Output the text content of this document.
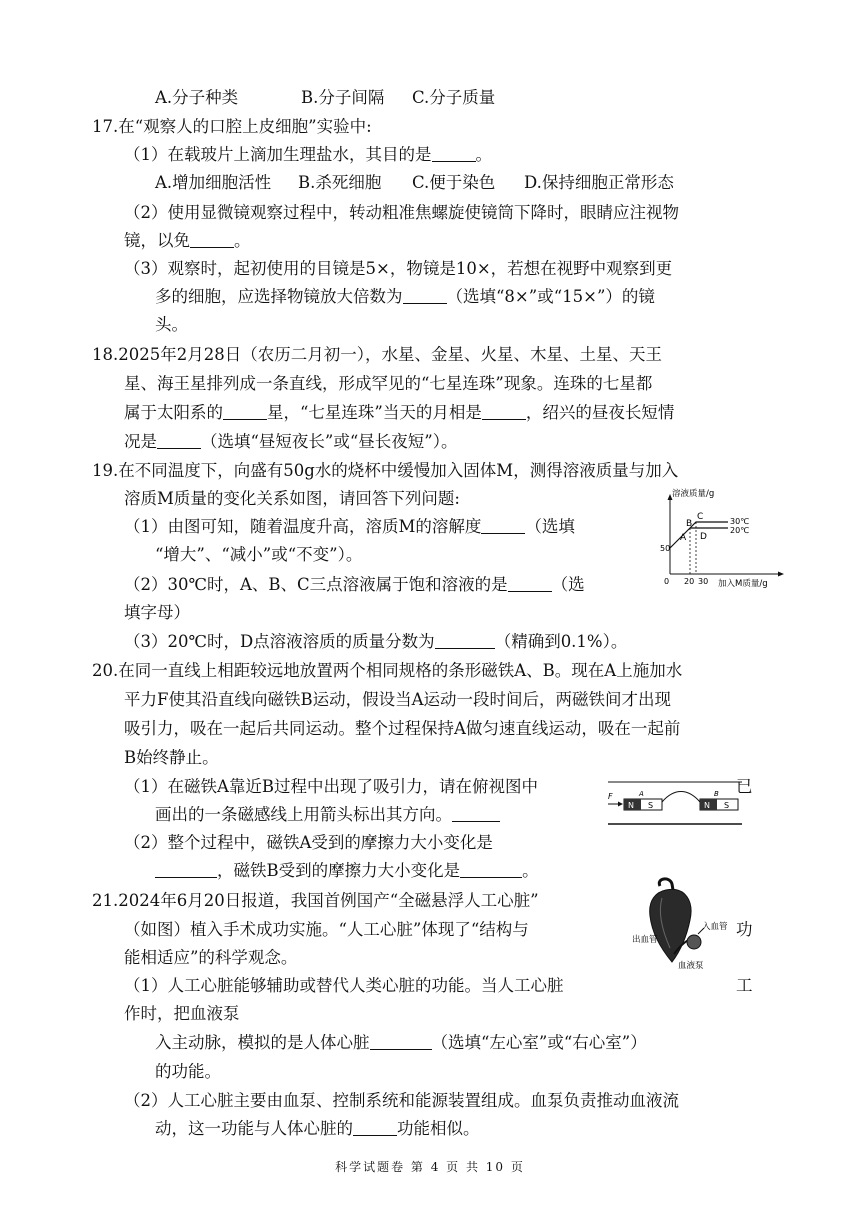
A.分子种类	B.分子间隔 C.分子质量
17.在“观察人的口腔上皮细胞”实验中:
（1）在载玻片上滴加生理盐水，其目的是	。
A.增加细胞活性 B.杀死细胞 C.便于染色 D.保持细胞正常形态
（2）使用显微镜观察过程中，转动粗准焦螺旋使镜筒下降时，眼睛应注视物
镜，以免	。
（3）观察时，起初使用的目镜是5×，物镜是10×，若想在视野中观察到更
多的细胞，应选择物镜放大倍数为	（选填“8×”或“15×”）的镜
头。
18.2025年2月28日（农历二月初一），水星、金星、火星、木星、土星、天王
星、海王星排列成一条直线，形成罕见的“七星连珠”现象。连珠的七星都
属于太阳系的	星，“七星连珠”当天的月相是	，绍兴的昼夜长短情
况是	（选填“昼短夜长”或“昼长夜短”）。
19.在不同温度下，向盛有50g水的烧杯中缓慢加入固体M，测得溶液质量与加入
溶质M质量的变化关系如图，请回答下列问题:
（1）由图可知，随着温度升高，溶质M的溶解度	（选填
“增大”、“减小”或“不变”）。
（2）30℃时，A、B、C三点溶液属于饱和溶液的是	（选
填字母）
（3）20℃时，D点溶液溶质的质量分数为	（精确到0.1%）。
溶液质量/g
加入M质量/g
0
50
20 30
A
B
C
D
30℃
20℃
20.在同一直线上相距较远地放置两个相同规格的条形磁铁A、B。现在A上施加水
平力F使其沿直线向磁铁B运动，假设当A运动一段时间后，两磁铁间才出现
吸引力，吸在一起后共同运动。整个过程保持A做匀速直线运动，吸在一起前
B始终静止。
（1）在磁铁A靠近B过程中出现了吸引力，请在俯视图中	已
画出的一条磁感线上用箭头标出其方向。
（2）整个过程中，磁铁A受到的摩擦力大小变化是
，磁铁B受到的摩擦力大小变化是	。
F
N S
A
N S
B
21.2024年6月20日报道，我国首例国产“全磁悬浮人工心脏”
（如图）植入手术成功实施。“人工心脏”体现了“结构与	功
能相适应”的科学观念。
（1）人工心脏能够辅助或替代人类心脏的功能。当人工心脏	工
作时，把血液泵
入主动脉，模拟的是人体心脏	（选填“左心室”或“右心室”）
的功能。
（2）人工心脏主要由血泵、控制系统和能源装置组成。血泵负责推动血液流
动，这一功能与人体心脏的	功能相似。
入血管
出血管
血液泵
科学试题卷 第 4 页 共 10 页
